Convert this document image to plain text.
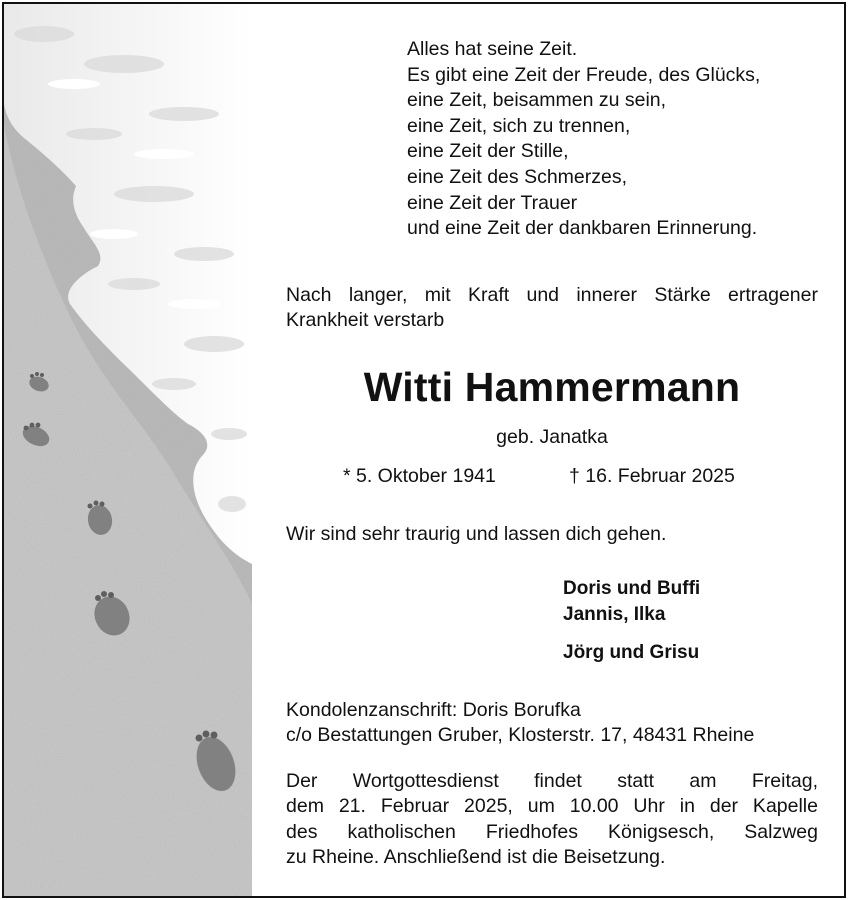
Alles hat seine Zeit.
Es gibt eine Zeit der Freude, des Glücks,
eine Zeit, beisammen zu sein,
eine Zeit, sich zu trennen,
eine Zeit der Stille,
eine Zeit des Schmerzes,
eine Zeit der Trauer
und eine Zeit der dankbaren Erinnerung.
Nach langer, mit Kraft und innerer Stärke ertragener
Krankheit verstarb
Witti Hammermann
geb. Janatka
* 5. Oktober 1941	† 16. Februar 2025
Wir sind sehr traurig und lassen dich gehen.
Doris und Buffi
Jannis, Ilka
Jörg und Grisu
Kondolenzanschrift: Doris Borufka
c/o Bestattungen Gruber, Klosterstr. 17, 48431 Rheine
Der Wortgottesdienst findet statt am Freitag,
dem 21. Februar 2025, um 10.00 Uhr in der Kapelle
des katholischen Friedhofes Königsesch, Salzweg
zu Rheine. Anschließend ist die Beisetzung.
